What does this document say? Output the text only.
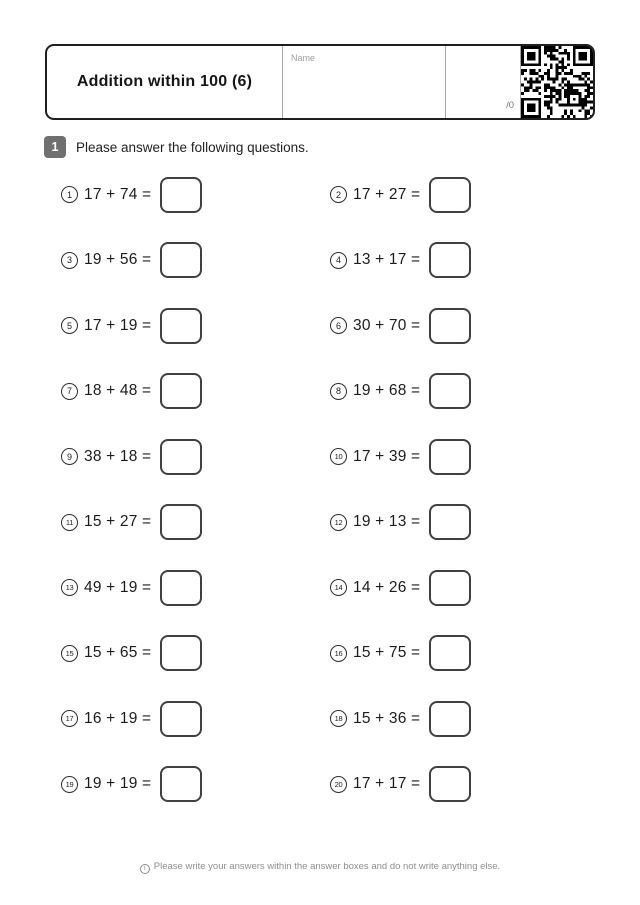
Addition within 100 (6)
Name
/0
1	Please answer the following questions.
1 17 + 74 =	2 17 + 27 =
3 19 + 56 =	4 13 + 17 =
5 17 + 19 =	6 30 + 70 =
7 18 + 48 =	8 19 + 68 =
9 38 + 18 =	10 17 + 39 =
11 15 + 27 =	12 19 + 13 =
13 49 + 19 =	14 14 + 26 =
15 15 + 65 =	16 15 + 75 =
17 16 + 19 =	18 15 + 36 =
19 19 + 19 =	20 17 + 17 =
i Please write your answers within the answer boxes and do not write anything else.
